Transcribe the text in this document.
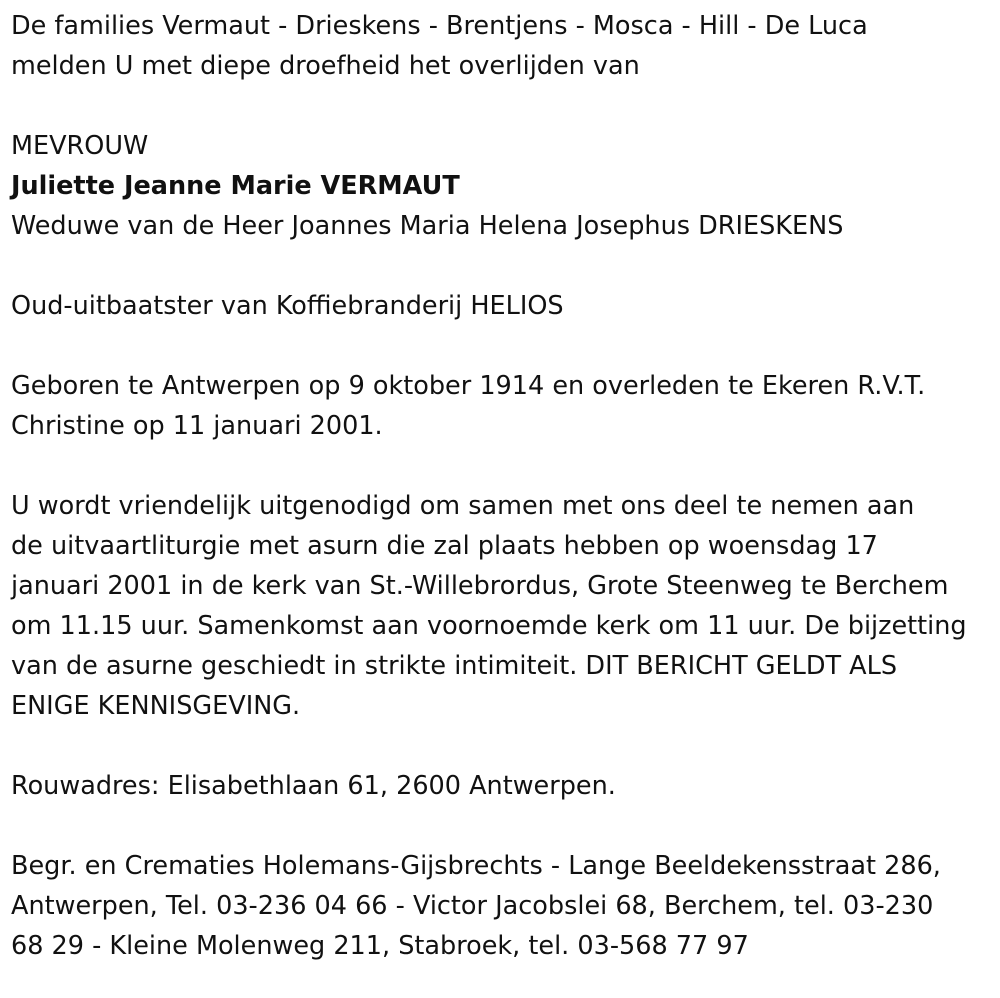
De families Vermaut - Drieskens - Brentjens - Mosca - Hill - De Luca

melden U met diepe droefheid het overlijden van

MEVROUW

Juliette Jeanne Marie VERMAUT

Weduwe van de Heer Joannes Maria Helena Josephus DRIESKENS

Oud-uitbaatster van Koffiebranderij HELIOS

Geboren te Antwerpen op 9 oktober 1914 en overleden te Ekeren R.V.T.

Christine op 11 januari 2001.

U wordt vriendelijk uitgenodigd om samen met ons deel te nemen aan

de uitvaartliturgie met asurn die zal plaats hebben op woensdag 17

januari 2001 in de kerk van St.-Willebrordus, Grote Steenweg te Berchem

om 11.15 uur. Samenkomst aan voornoemde kerk om 11 uur. De bijzetting

van de asurne geschiedt in strikte intimiteit. DIT BERICHT GELDT ALS

ENIGE KENNISGEVING.

Rouwadres: Elisabethlaan 61, 2600 Antwerpen.

Begr. en Crematies Holemans-Gijsbrechts - Lange Beeldekensstraat 286,

Antwerpen, Tel. 03-236 04 66 - Victor Jacobslei 68, Berchem, tel. 03-230

68 29 - Kleine Molenweg 211, Stabroek, tel. 03-568 77 97
